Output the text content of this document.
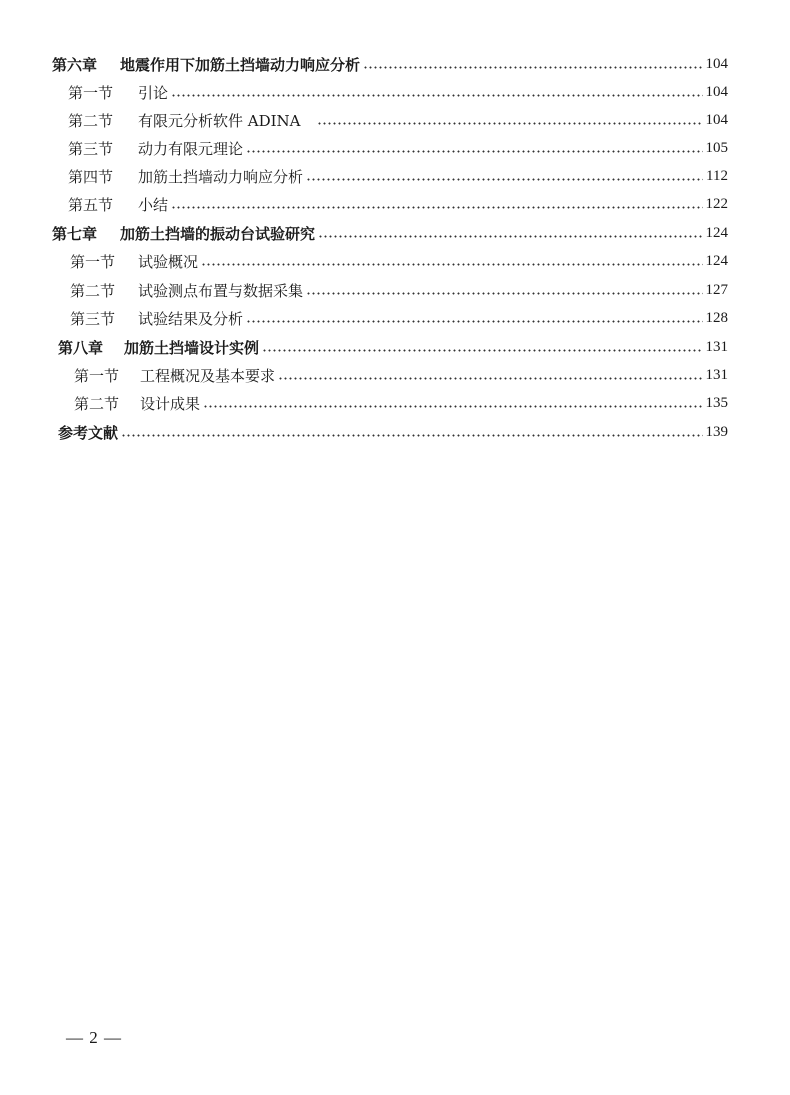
第六章	地震作用下加筋土挡墙动力响应分析	104
第一节	引论	104
第二节	有限元分析软件 ADINA	104
第三节	动力有限元理论	105
第四节	加筋土挡墙动力响应分析	112
第五节	小结	122
第七章	加筋土挡墙的振动台试验研究	124
第一节	试验概况	124
第二节	试验测点布置与数据采集	127
第三节	试验结果及分析	128
第八章	加筋土挡墙设计实例	131
第一节	工程概况及基本要求	131
第二节	设计成果	135
参考文献	139
— 2 —
